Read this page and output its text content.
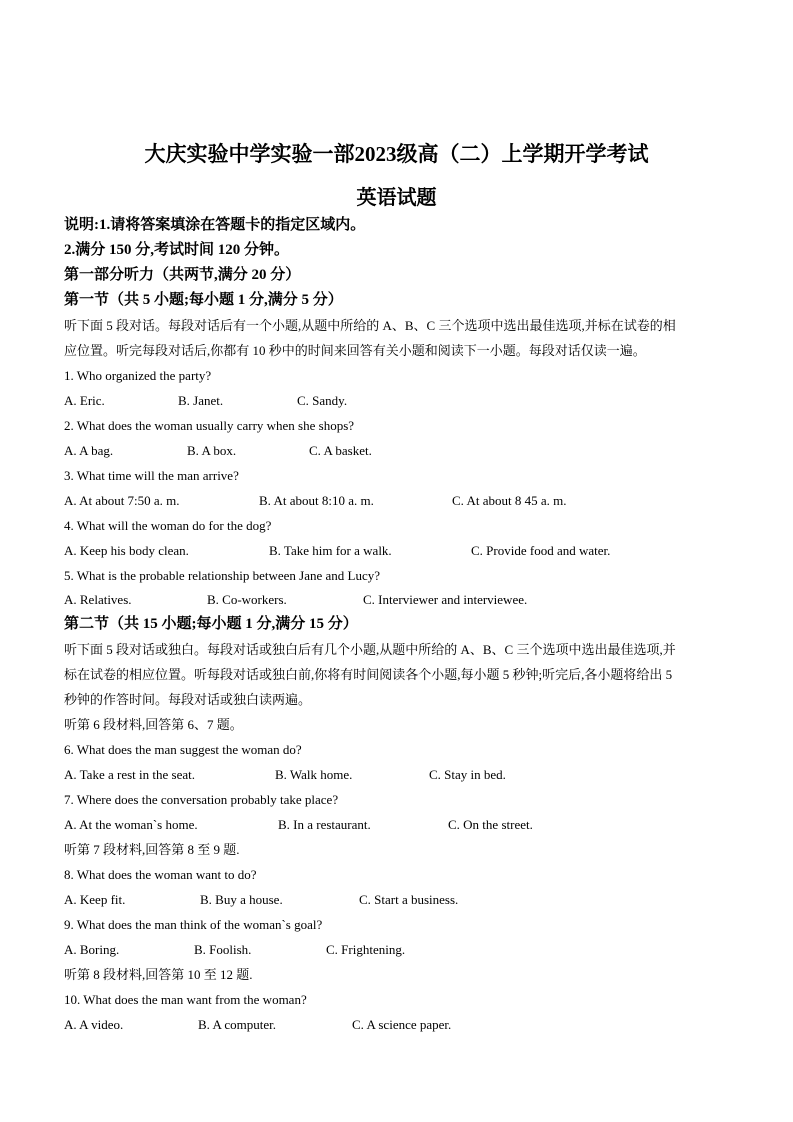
大庆实验中学实验一部2023级高（二）上学期开学考试
英语试题
说明:1.请将答案填涂在答题卡的指定区域内。
2.满分 150 分,考试时间 120 分钟。
第一部分听力（共两节,满分 20 分）
第一节（共 5 小题;每小题 1 分,满分 5 分）
听下面 5 段对话。每段对话后有一个小题,从题中所给的 A、B、C 三个选项中选出最佳选项,并标在试卷的相
应位置。听完每段对话后,你都有 10 秒中的时间来回答有关小题和阅读下一小题。每段对话仅读一遍。
1. Who organized the party?
A. Eric.	B. Janet.	C. Sandy.
2. What does the woman usually carry when she shops?
A. A bag.	B. A box.	C. A basket.
3. What time will the man arrive?
A. At about 7:50 a. m.	B. At about 8:10 a. m.	C. At about 8 45 a. m.
4. What will the woman do for the dog?
A. Keep his body clean.	B. Take him for a walk.	C. Provide food and water.
5. What is the probable relationship between Jane and Lucy?
A. Relatives.	B. Co-workers.	C. Interviewer and interviewee.
第二节（共 15 小题;每小题 1 分,满分 15 分）
听下面 5 段对话或独白。每段对话或独白后有几个小题,从题中所给的 A、B、C 三个选项中选出最佳选项,并
标在试卷的相应位置。听每段对话或独白前,你将有时间阅读各个小题,每小题 5 秒钟;听完后,各小题将给出 5
秒钟的作答时间。每段对话或独白读两遍。
听第 6 段材料,回答第 6、7 题。
6. What does the man suggest the woman do?
A. Take a rest in the seat.	B. Walk home.	C. Stay in bed.
7. Where does the conversation probably take place?
A. At the woman`s home.	B. In a restaurant.	C. On the street.
听第 7 段材料,回答第 8 至 9 题.
8. What does the woman want to do?
A. Keep fit.	B. Buy a house.	C. Start a business.
9. What does the man think of the woman`s goal?
A. Boring.	B. Foolish.	C. Frightening.
听第 8 段材料,回答第 10 至 12 题.
10. What does the man want from the woman?
A. A video.	B. A computer.	C. A science paper.
